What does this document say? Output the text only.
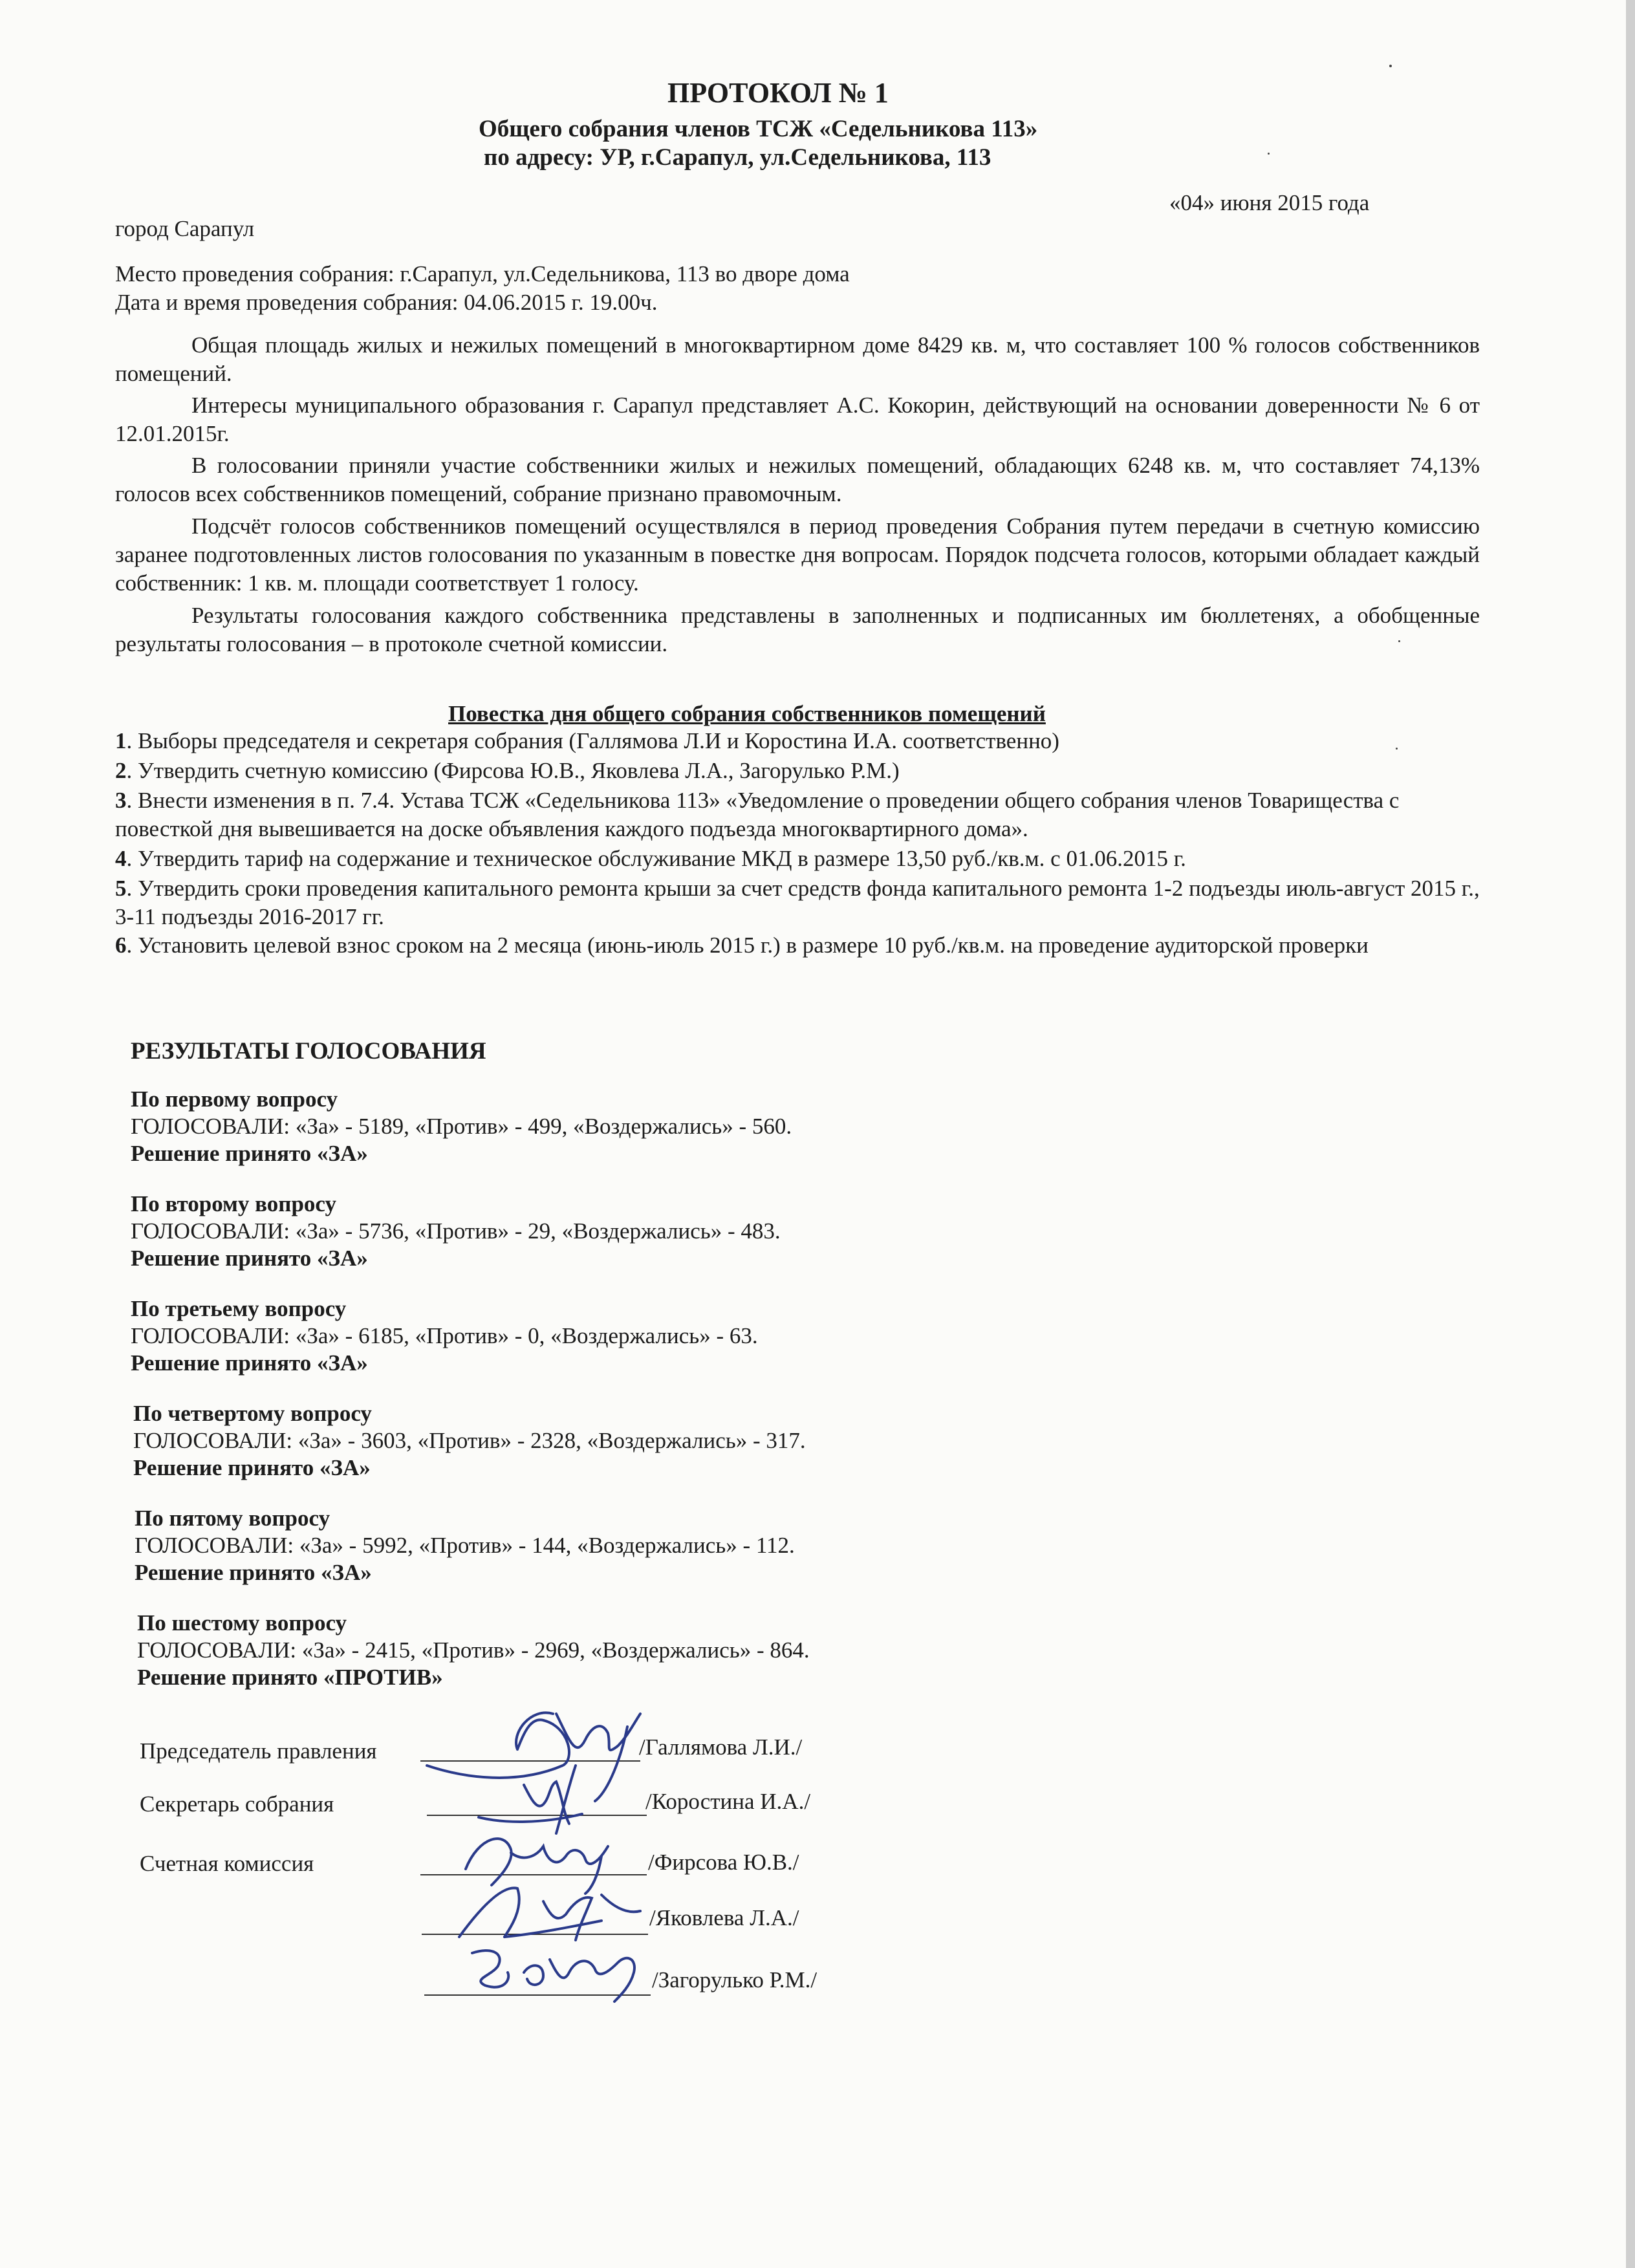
ПРОТОКОЛ № 1
Общего собрания членов ТСЖ «Седельникова 113»
по адресу: УР, г.Сарапул, ул.Седельникова, 113
«04» июня 2015 года
город Сарапул
Место проведения собрания: г.Сарапул, ул.Седельникова, 113 во дворе дома
Дата и время проведения собрания: 04.06.2015 г. 19.00ч.
Общая площадь жилых и нежилых помещений в многоквартирном доме 8429 кв. м, что составляет 100 % голосов собственников помещений.
Интересы муниципального образования г. Сарапул представляет А.С. Кокорин, действующий на основании доверенности № 6 от 12.01.2015г.
В голосовании приняли участие собственники жилых и нежилых помещений, обладающих 6248 кв. м, что составляет 74,13% голосов всех собственников помещений, собрание признано правомочным.
Подсчёт голосов собственников помещений осуществлялся в период проведения Собрания путем передачи в счетную комиссию заранее подготовленных листов голосования по указанным в повестке дня вопросам. Порядок подсчета голосов, которыми обладает каждый собственник: 1 кв. м. площади соответствует 1 голосу.
Результаты голосования каждого собственника представлены в заполненных и подписанных им бюллетенях, а обобщенные результаты голосования – в протоколе счетной комиссии.
Повестка дня общего собрания собственников помещений
1. Выборы председателя и секретаря собрания (Галлямова Л.И и Коростина И.А. соответственно)
2. Утвердить счетную комиссию (Фирсова Ю.В., Яковлева Л.А., Загорулько Р.М.)
3. Внести изменения в п. 7.4. Устава ТСЖ «Седельникова 113» «Уведомление о проведении общего собрания членов Товарищества с повесткой дня вывешивается на доске объявления каждого подъезда многоквартирного дома».
4. Утвердить тариф на содержание и техническое обслуживание МКД в размере 13,50 руб./кв.м. с 01.06.2015 г.
5. Утвердить сроки проведения капитального ремонта крыши за счет средств фонда капитального ремонта 1-2 подъезды июль-август 2015 г., 3-11 подъезды 2016-2017 гг.
6. Установить целевой взнос сроком на 2 месяца (июнь-июль 2015 г.) в размере 10 руб./кв.м. на проведение аудиторской проверки
РЕЗУЛЬТАТЫ ГОЛОСОВАНИЯ
По первому вопросу
ГОЛОСОВАЛИ: «За» - 5189, «Против» - 499, «Воздержались» - 560.
Решение принято «ЗА»
По второму вопросу
ГОЛОСОВАЛИ: «За» - 5736, «Против» - 29, «Воздержались» - 483.
Решение принято «ЗА»
По третьему вопросу
ГОЛОСОВАЛИ: «За» - 6185, «Против» - 0, «Воздержались» - 63.
Решение принято «ЗА»
По четвертому вопросу
ГОЛОСОВАЛИ: «За» - 3603, «Против» - 2328, «Воздержались» - 317.
Решение принято «ЗА»
По пятому вопросу
ГОЛОСОВАЛИ: «За» - 5992, «Против» - 144, «Воздержались» - 112.
Решение принято «ЗА»
По шестому вопросу
ГОЛОСОВАЛИ: «За» - 2415, «Против» - 2969, «Воздержались» - 864.
Решение принято «ПРОТИВ»
Председатель правления	/Галлямова Л.И./
Секретарь собрания	/Коростина И.А./
Счетная комиссия	/Фирсова Ю.В./
/Яковлева Л.А./
/Загорулько Р.М./
